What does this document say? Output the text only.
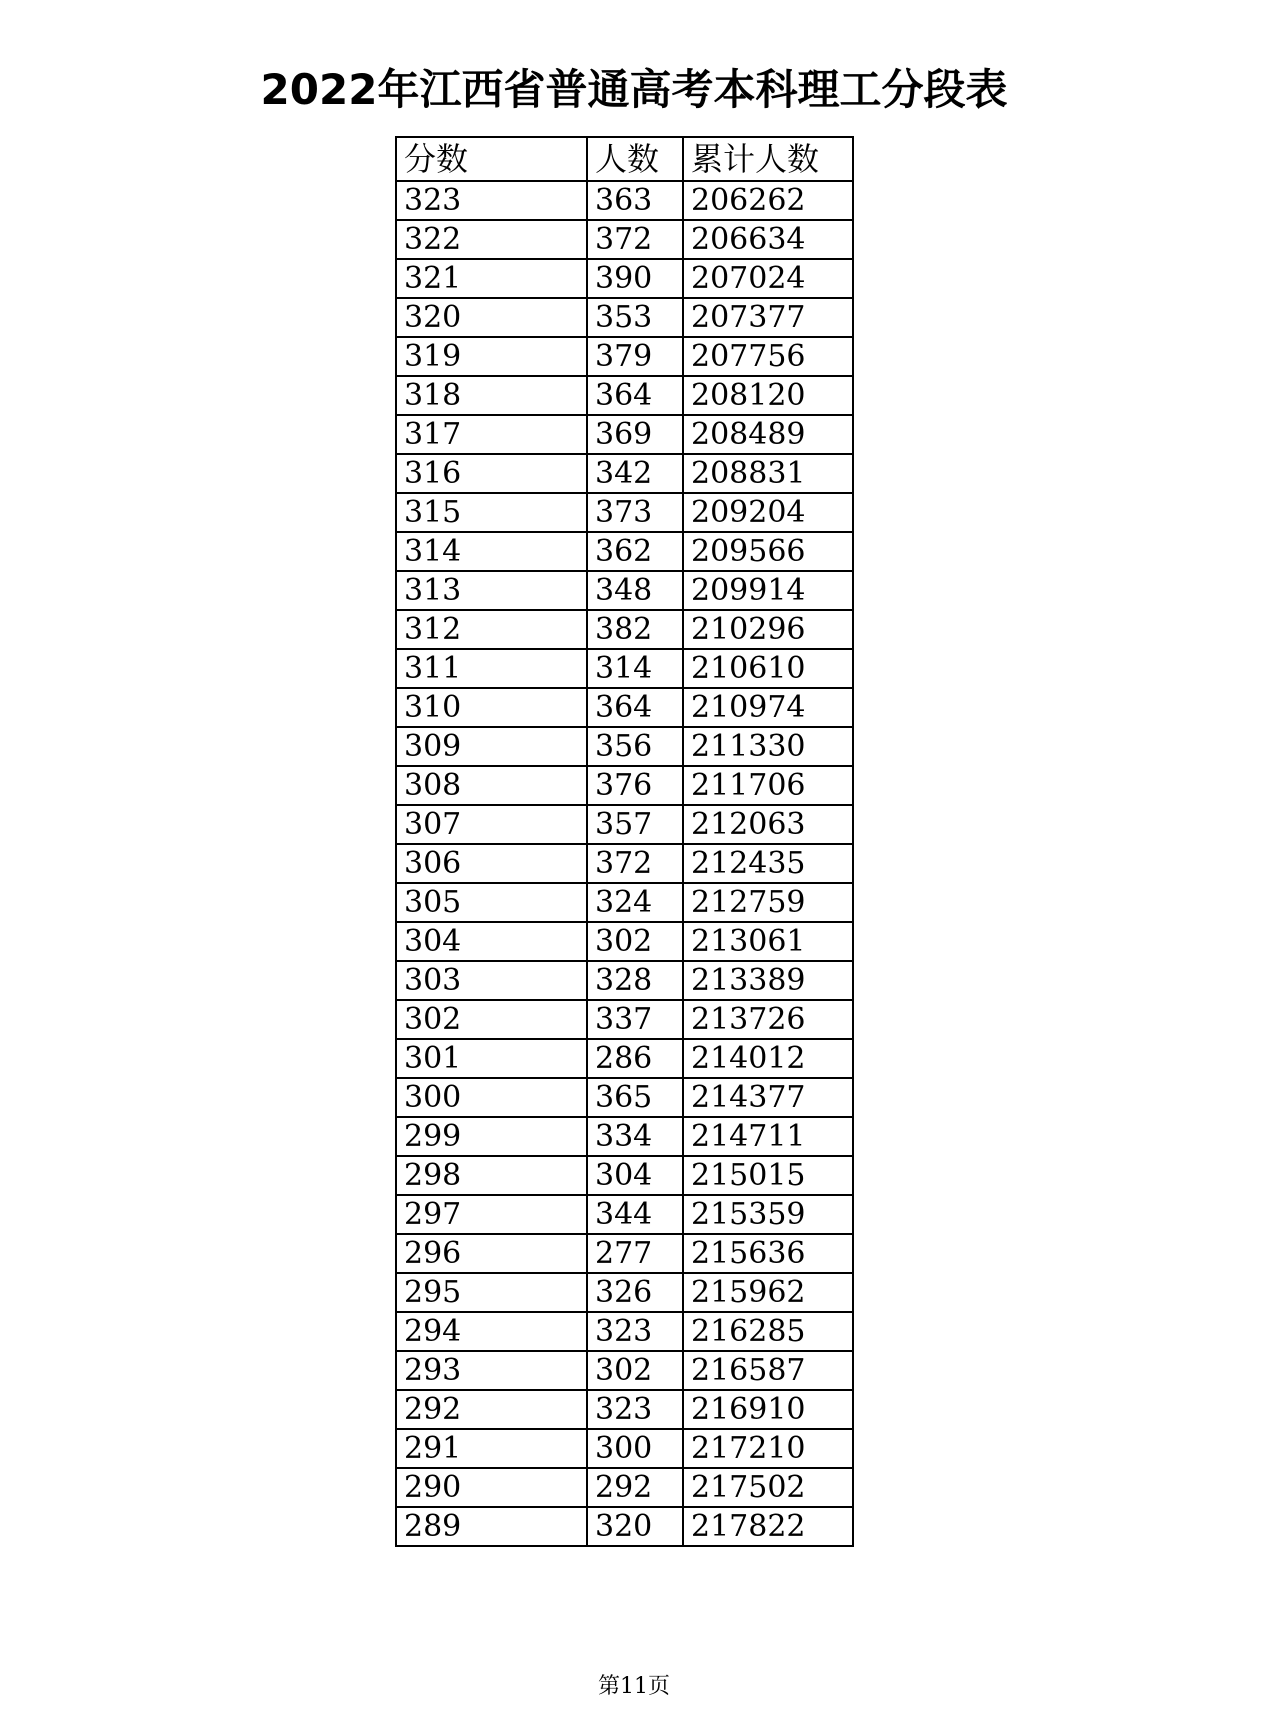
2022年江西省普通高考本科理工分段表
分数	人数	累计人数
323	363	206262
322	372	206634
321	390	207024
320	353	207377
319	379	207756
318	364	208120
317	369	208489
316	342	208831
315	373	209204
314	362	209566
313	348	209914
312	382	210296
311	314	210610
310	364	210974
309	356	211330
308	376	211706
307	357	212063
306	372	212435
305	324	212759
304	302	213061
303	328	213389
302	337	213726
301	286	214012
300	365	214377
299	334	214711
298	304	215015
297	344	215359
296	277	215636
295	326	215962
294	323	216285
293	302	216587
292	323	216910
291	300	217210
290	292	217502
289	320	217822
第11页
